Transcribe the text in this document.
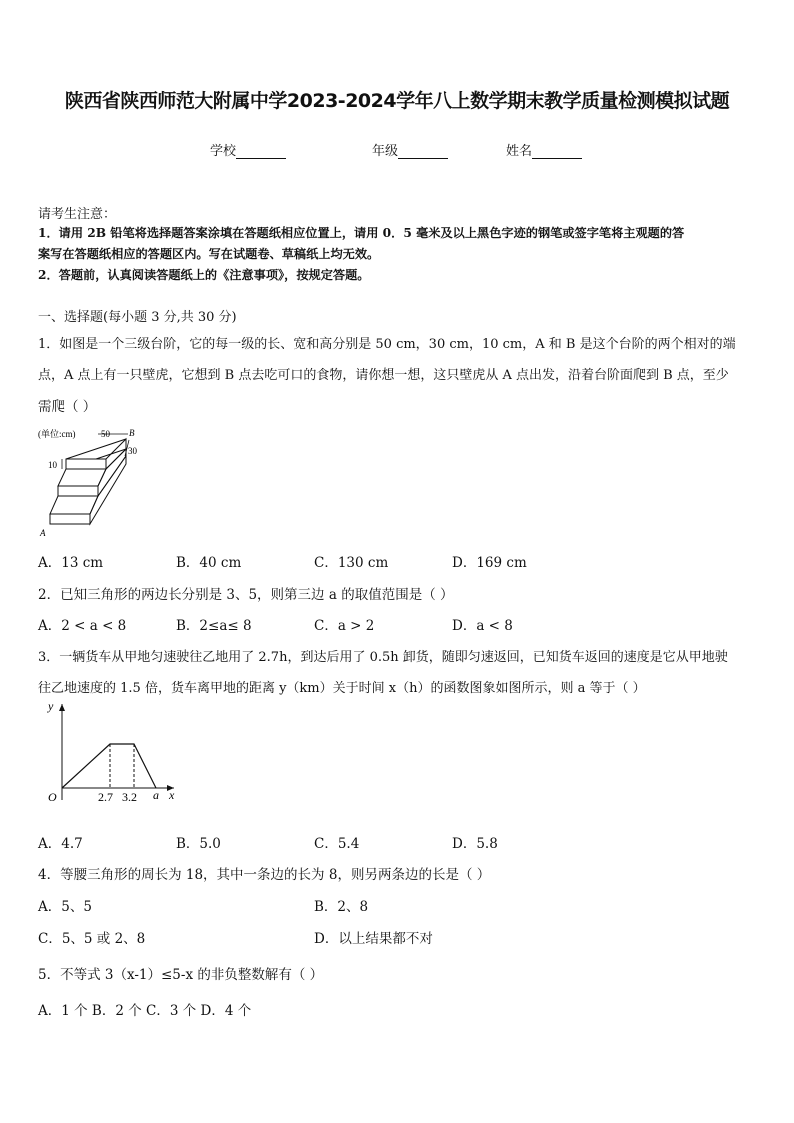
陕西省陕西师范大附属中学2023-2024学年八上数学期末教学质量检测模拟试题
学校	年级	姓名
请考生注意：
1．请用 2B 铅笔将选择题答案涂填在答题纸相应位置上，请用 0．5 毫米及以上黑色字迹的钢笔或签字笔将主观题的答
案写在答题纸相应的答题区内。写在试题卷、草稿纸上均无效。
2．答题前，认真阅读答题纸上的《注意事项》，按规定答题。
一、选择题(每小题 3 分,共 30 分)
1．如图是一个三级台阶，它的每一级的长、宽和高分别是 50 cm，30 cm，10 cm，A 和 B 是这个台阶的两个相对的端
点，A 点上有一只壁虎，它想到 B 点去吃可口的食物，请你想一想，这只壁虎从 A 点出发，沿着台阶面爬到 B 点，至少
需爬（ ）
(单位:cm)	50 B
30
10
A
A．13 cm	B．40 cm	C．130 cm	D．169 cm
2．已知三角形的两边长分别是 3、5，则第三边 a 的取值范围是（ ）
A．2 < a < 8	B．2≤a≤ 8	C．a > 2	D．a < 8
3．一辆货车从甲地匀速驶往乙地用了 2.7h，到达后用了 0.5h 卸货，随即匀速返回，已知货车返回的速度是它从甲地驶
往乙地速度的 1.5 倍，货车离甲地的距离 y（km）关于时间 x（h）的函数图象如图所示，则 a 等于（ ）
y
x
O	2.7 3.2 a
A．4.7	B．5.0	C．5.4	D．5.8
4．等腰三角形的周长为 18，其中一条边的长为 8，则另两条边的长是（ ）
A．5、5	B．2、8
C．5、5 或 2、8	D．以上结果都不对
5．不等式 3（x-1）≤5-x 的非负整数解有（ ）
A．1 个 B．2 个 C．3 个 D．4 个
